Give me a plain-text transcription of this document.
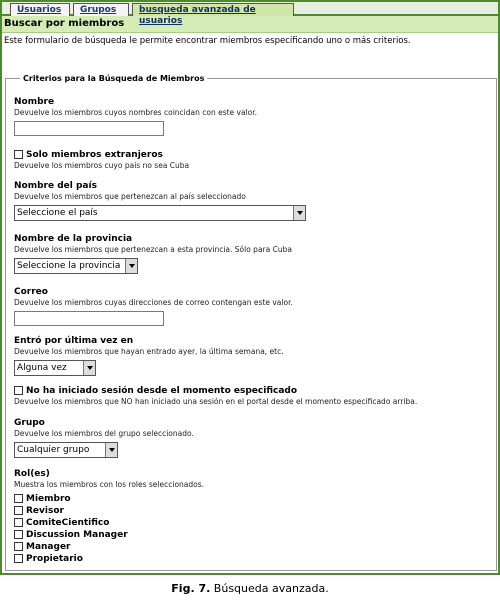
Usuarios	Grupos	busqueda avanzada de usuarios
Buscar por miembros
Este formulario de búsqueda le permite encontrar miembros especificando uno o más criterios.
Criterios para la Búsqueda de Miembros
Nombre
Devuelve los miembros cuyos nombres coincidan con este valor.
Solo miembros extranjeros
Devuelve los miembros cuyo país no sea Cuba
Nombre del país
Devuelve los miembros que pertenezcan al país seleccionado
Seleccione el país
Nombre de la provincia
Devuelve los miembros que pertenezcan a esta provincia. Sólo para Cuba
Seleccione la provincia
Correo
Devuelve los miembros cuyas direcciones de correo contengan este valor.
Entró por última vez en
Devuelve los miembros que hayan entrado ayer, la última semana, etc.
Alguna vez
No ha iniciado sesión desde el momento especificado
Devuelve los miembros que NO han iniciado una sesión en el portal desde el momento especificado arriba.
Grupo
Devuelve los miembros del grupo seleccionado.
Cualquier grupo
Rol(es)
Muestra los miembros con los roles seleccionados.
Miembro
Revisor
ComiteCientifico
Discussion Manager
Manager
Propietario
Fig. 7. Búsqueda avanzada.
